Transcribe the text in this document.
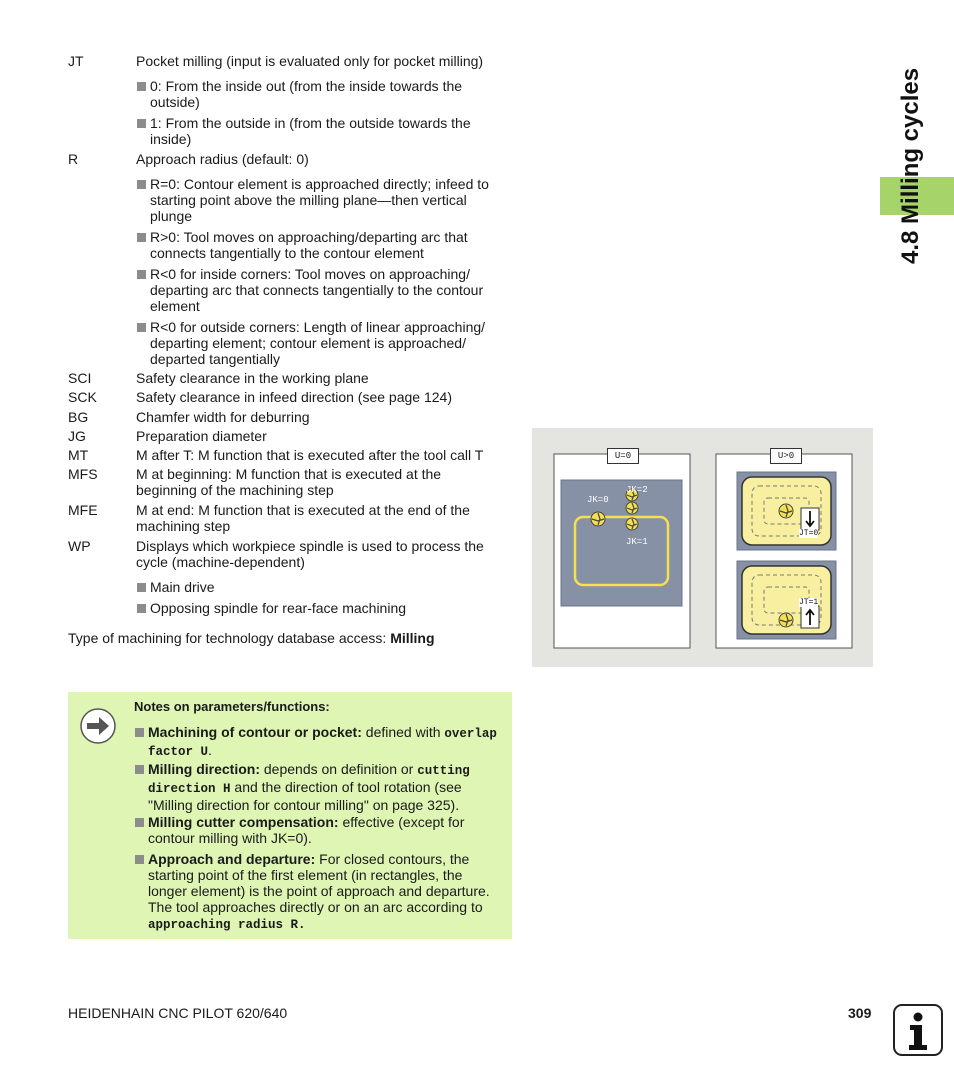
4.8 Milling cycles
JT	Pocket milling (input is evaluated only for pocket milling)
0: From the inside out (from the inside towards the outside)
1: From the outside in (from the outside towards the inside)
R	Approach radius (default: 0)
R=0: Contour element is approached directly; infeed to starting point above the milling plane—then vertical plunge
R>0: Tool moves on approaching/departing arc that connects tangentially to the contour element
R<0 for inside corners: Tool moves on approaching/ departing arc that connects tangentially to the contour element
R<0 for outside corners: Length of linear approaching/ departing element; contour element is approached/ departed tangentially
SCI	Safety clearance in the working plane
SCK	Safety clearance in infeed direction (see page 124)
BG	Chamfer width for deburring
JG	Preparation diameter
MT	M after T: M function that is executed after the tool call T
MFS	M at beginning: M function that is executed at the beginning of the machining step
MFE	M at end: M function that is executed at the end of the machining step
WP	Displays which workpiece spindle is used to process the cycle (machine-dependent)
Main drive
Opposing spindle for rear-face machining
Type of machining for technology database access: Milling
U=0	U>0
JK=0
JK=2
JK=1
JT=0
JT=1
Notes on parameters/functions:
Machining of contour or pocket: defined with overlap factor U.
Milling direction: depends on definition or cutting direction H and the direction of tool rotation (see "Milling direction for contour milling" on page 325).
Milling cutter compensation: effective (except for contour milling with JK=0).
Approach and departure: For closed contours, the starting point of the first element (in rectangles, the longer element) is the point of approach and departure. The tool approaches directly or on an arc according to approaching radius R.
HEIDENHAIN CNC PILOT 620/640	309
